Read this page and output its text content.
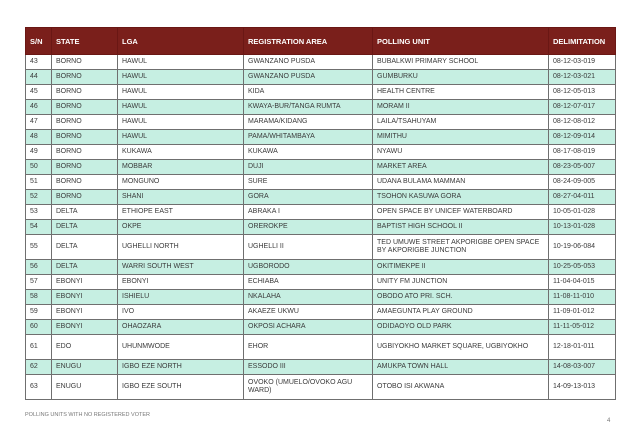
S/N	STATE	LGA	REGISTRATION AREA	POLLING UNIT	DELIMITATION
43	BORNO	HAWUL	GWANZANO PUSDA	BUBALKWI PRIMARY SCHOOL	08-12-03-019
44	BORNO	HAWUL	GWANZANO PUSDA	GUMBURKU	08-12-03-021
45	BORNO	HAWUL	KIDA	HEALTH CENTRE	08-12-05-013
46	BORNO	HAWUL	KWAYA-BUR/TANGA RUMTA	MORAM II	08-12-07-017
47	BORNO	HAWUL	MARAMA/KIDANG	LAILA/TSAHUYAM	08-12-08-012
48	BORNO	HAWUL	PAMA/WHITAMBAYA	MIMITHU	08-12-09-014
49	BORNO	KUKAWA	KUKAWA	NYAWU	08-17-08-019
50	BORNO	MOBBAR	DUJI	MARKET AREA	08-23-05-007
51	BORNO	MONGUNO	SURE	UDANA BULAMA MAMMAN	08-24-09-005
52	BORNO	SHANI	GORA	TSOHON KASUWA GORA	08-27-04-011
53	DELTA	ETHIOPE EAST	ABRAKA I	OPEN SPACE BY UNICEF WATERBOARD	10-05-01-028
54	DELTA	OKPE	OREROKPE	BAPTIST HIGH SCHOOL II	10-13-01-028
55	DELTA	UGHELLI NORTH	UGHELLI II	TED UMUWE STREET AKPORIGBE OPEN SPACE BY AKPORIGBE JUNCTION	10-19-06-084
56	DELTA	WARRI SOUTH WEST	UGBORODO	OKITIMEKPE II	10-25-05-053
57	EBONYI	EBONYI	ECHIABA	UNITY FM JUNCTION	11-04-04-015
58	EBONYI	ISHIELU	NKALAHA	OBODO ATO PRI. SCH.	11-08-11-010
59	EBONYI	IVO	AKAEZE UKWU	AMAEGUNTA PLAY GROUND	11-09-01-012
60	EBONYI	OHAOZARA	OKPOSI ACHARA	ODIDAOYO OLD PARK	11-11-05-012
61	EDO	UHUNMWODE	EHOR	UGBIYOKHO MARKET SQUARE, UGBIYOKHO	12-18-01-011
62	ENUGU	IGBO EZE NORTH	ESSODO III	AMUKPA TOWN HALL	14-08-03-007
63	ENUGU	IGBO EZE SOUTH	OVOKO (UMUELO/OVOKO AGU WARD)	OTOBO ISI AKWANA	14-09-13-013
POLLING UNITS WITH NO REGISTERED VOTER
4
